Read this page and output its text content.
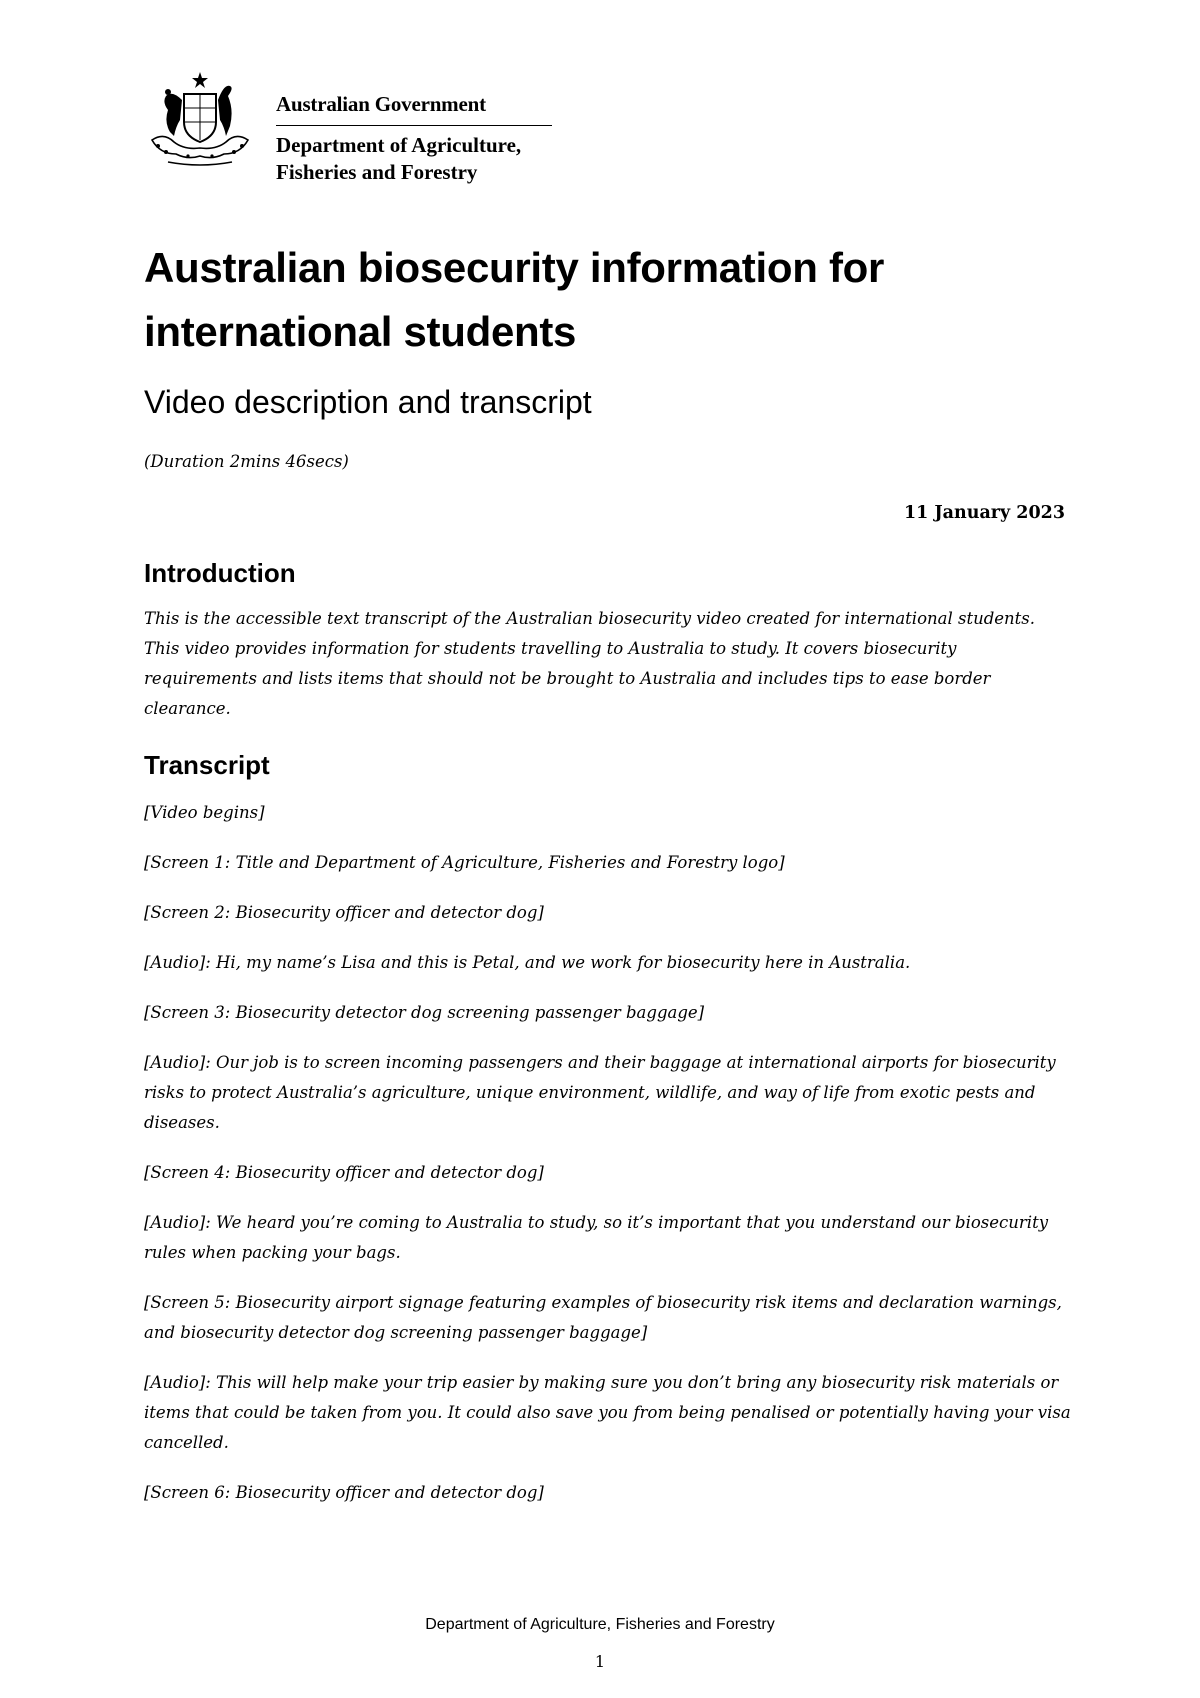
Australian Government
Department of Agriculture,
Fisheries and Forestry
Australian biosecurity information for international students
Video description and transcript
(Duration 2mins 46secs)
11 January 2023
Introduction

This is the accessible text transcript of the Australian biosecurity video created for international students. This video provides information for students travelling to Australia to study. It covers biosecurity requirements and lists items that should not be brought to Australia and includes tips to ease border clearance.

Transcript
[Video begins]
[Screen 1: Title and Department of Agriculture, Fisheries and Forestry logo]
[Screen 2: Biosecurity officer and detector dog]
[Audio]: Hi, my name’s Lisa and this is Petal, and we work for biosecurity here in Australia.
[Screen 3: Biosecurity detector dog screening passenger baggage]
[Audio]: Our job is to screen incoming passengers and their baggage at international airports for biosecurity risks to protect Australia’s agriculture, unique environment, wildlife, and way of life from exotic pests and diseases.
[Screen 4: Biosecurity officer and detector dog]
[Audio]: We heard you’re coming to Australia to study, so it’s important that you understand our biosecurity rules when packing your bags.
[Screen 5: Biosecurity airport signage featuring examples of biosecurity risk items and declaration warnings, and biosecurity detector dog screening passenger baggage]
[Audio]: This will help make your trip easier by making sure you don’t bring any biosecurity risk materials or items that could be taken from you. It could also save you from being penalised or potentially having your visa cancelled.
[Screen 6: Biosecurity officer and detector dog]
Department of Agriculture, Fisheries and Forestry
1
